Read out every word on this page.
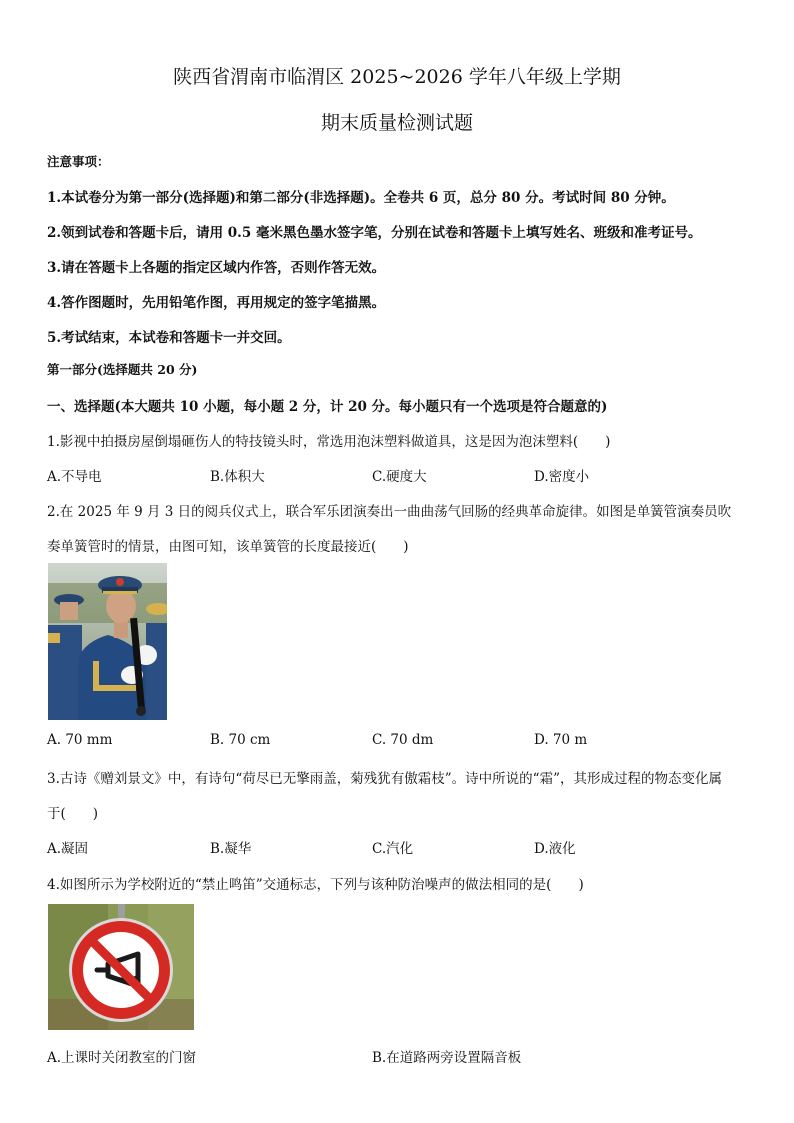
陕西省渭南市临渭区 2025~2026 学年八年级上学期
期末质量检测试题
注意事项：
1.本试卷分为第一部分(选择题)和第二部分(非选择题)。全卷共 6 页，总分 80 分。考试时间 80 分钟。
2.领到试卷和答题卡后，请用 0.5 毫米黑色墨水签字笔，分别在试卷和答题卡上填写姓名、班级和准考证号。
3.请在答题卡上各题的指定区域内作答，否则作答无效。
4.答作图题时，先用铅笔作图，再用规定的签字笔描黑。
5.考试结束，本试卷和答题卡一并交回。
第一部分(选择题共 20 分)
一、选择题(本大题共 10 小题，每小题 2 分，计 20 分。每小题只有一个选项是符合题意的)
1.影视中拍摄房屋倒塌砸伤人的特技镜头时，常选用泡沫塑料做道具，这是因为泡沫塑料(　　)
A.不导电	B.体积大	C.硬度大	D.密度小
2.在 2025 年 9 月 3 日的阅兵仪式上，联合军乐团演奏出一曲曲荡气回肠的经典革命旋律。如图是单簧管演奏员吹
奏单簧管时的情景，由图可知，该单簧管的长度最接近(　　)
A. 70 mm	B. 70 cm	C. 70 dm	D. 70 m
3.古诗《赠刘景文》中，有诗句“荷尽已无擎雨盖，菊残犹有傲霜枝”。诗中所说的“霜”，其形成过程的物态变化属
于(　　)
A.凝固	B.凝华	C.汽化	D.液化
4.如图所示为学校附近的“禁止鸣笛”交通标志，下列与该种防治噪声的做法相同的是(　　)
A.上课时关闭教室的门窗	B.在道路两旁设置隔音板
